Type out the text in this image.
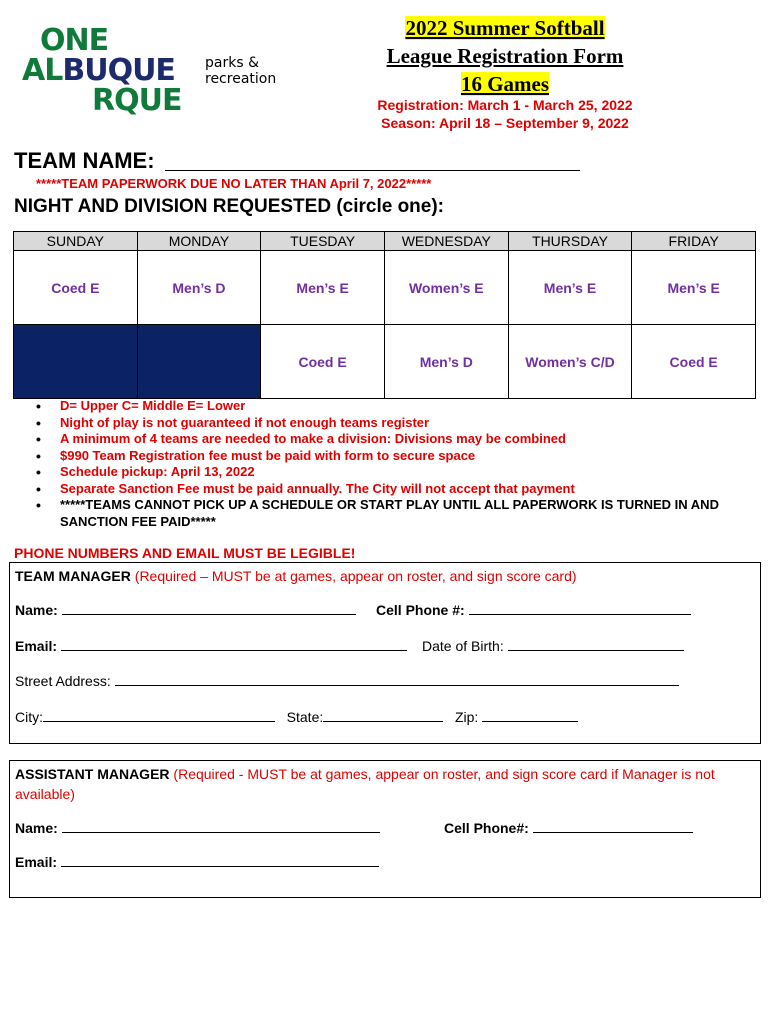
ONE
ALBUQUE
RQUE
parks &
recreation
2022 Summer Softball
League Registration Form
16 Games
Registration: March 1 - March 25, 2022
Season: April 18 – September 9, 2022
TEAM NAME:
*****TEAM PAPERWORK DUE NO LATER THAN April 7, 2022*****
NIGHT AND DIVISION REQUESTED (circle one):
SUNDAY	MONDAY	TUESDAY	WEDNESDAY	THURSDAY	FRIDAY
Coed E	Men’s D	Men’s E	Women’s E	Men’s E	Men’s E
		Coed E	Men’s D	Women’s C/D	Coed E
• D= Upper C= Middle E= Lower
• Night of play is not guaranteed if not enough teams register
• A minimum of 4 teams are needed to make a division: Divisions may be combined
• $990 Team Registration fee must be paid with form to secure space
• Schedule pickup: April 13, 2022
• Separate Sanction Fee must be paid annually. The City will not accept that payment
• *****TEAMS CANNOT PICK UP A SCHEDULE OR START PLAY UNTIL ALL PAPERWORK IS TURNED IN AND SANCTION FEE PAID*****
PHONE NUMBERS AND EMAIL MUST BE LEGIBLE!
TEAM MANAGER (Required – MUST be at games, appear on roster, and sign score card)
Name:	Cell Phone #:
Email:	Date of Birth:
Street Address:
City:	State:	Zip:
ASSISTANT MANAGER (Required - MUST be at games, appear on roster, and sign score card if Manager is not available)
Name:	Cell Phone#:
Email:
